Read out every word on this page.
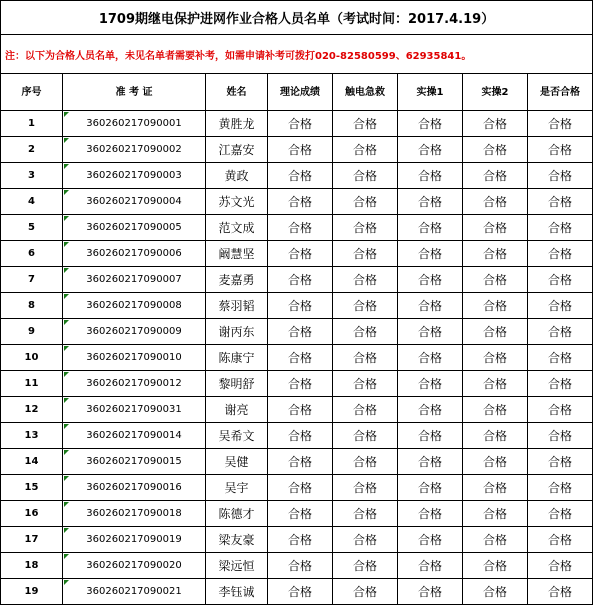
1709期继电保护进网作业合格人员名单（考试时间：2017.4.19）							
注：以下为合格人员名单，未见名单者需要补考，如需申请补考可拨打020-82580599、62935841。							
序号	准 考 证	姓名	理论成绩	触电急救	实操1	实操2	是否合格
1	360260217090001	黄胜龙	合格	合格	合格	合格	合格
2	360260217090002	江嘉安	合格	合格	合格	合格	合格
3	360260217090003	黄政	合格	合格	合格	合格	合格
4	360260217090004	苏文光	合格	合格	合格	合格	合格
5	360260217090005	范文成	合格	合格	合格	合格	合格
6	360260217090006	阚慧坚	合格	合格	合格	合格	合格
7	360260217090007	麦嘉勇	合格	合格	合格	合格	合格
8	360260217090008	蔡羽韬	合格	合格	合格	合格	合格
9	360260217090009	谢丙东	合格	合格	合格	合格	合格
10	360260217090010	陈康宁	合格	合格	合格	合格	合格
11	360260217090012	黎明舒	合格	合格	合格	合格	合格
12	360260217090031	谢亮	合格	合格	合格	合格	合格
13	360260217090014	吴希文	合格	合格	合格	合格	合格
14	360260217090015	吴健	合格	合格	合格	合格	合格
15	360260217090016	吴宇	合格	合格	合格	合格	合格
16	360260217090018	陈德才	合格	合格	合格	合格	合格
17	360260217090019	梁友豪	合格	合格	合格	合格	合格
18	360260217090020	梁远恒	合格	合格	合格	合格	合格
19	360260217090021	李钰诚	合格	合格	合格	合格	合格
